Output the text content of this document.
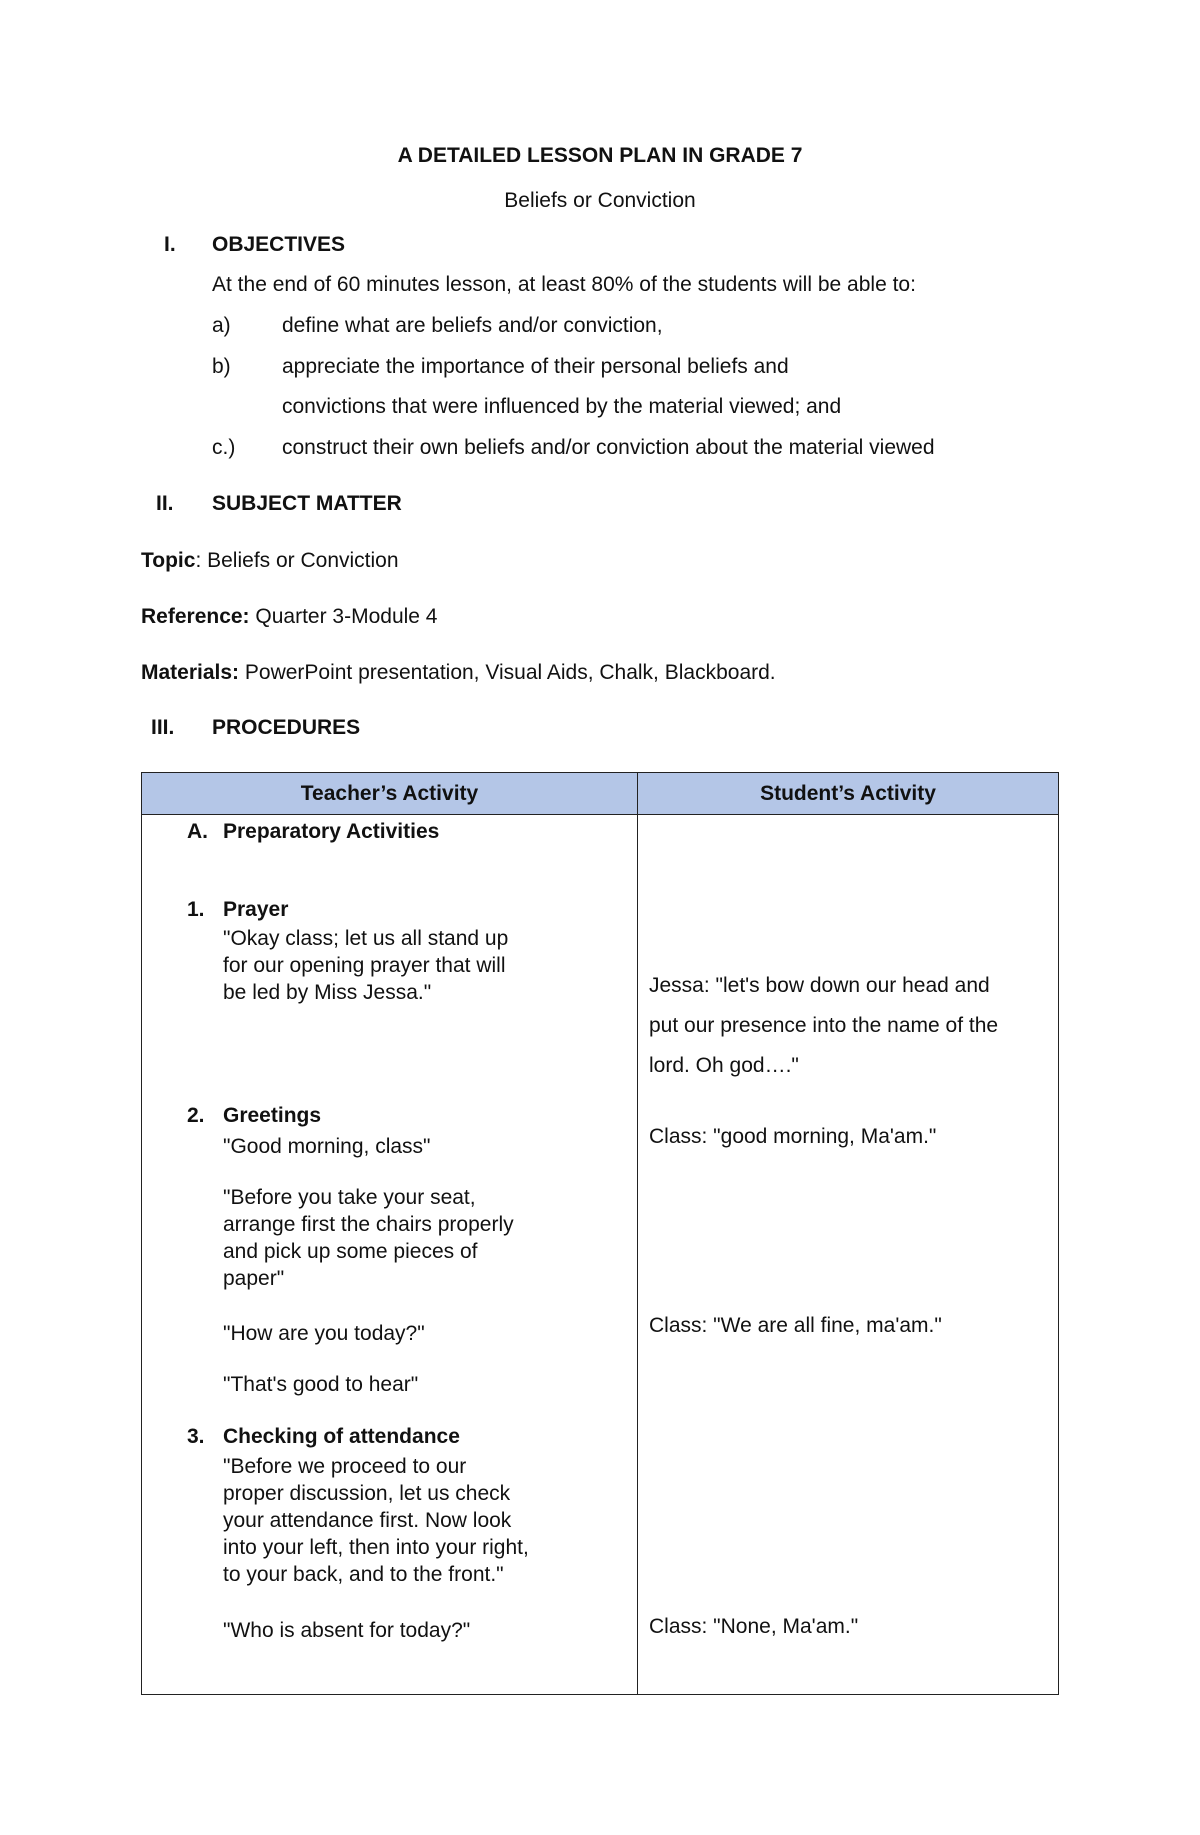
A DETAILED LESSON PLAN IN GRADE 7
Beliefs or Conviction
I. OBJECTIVES
At the end of 60 minutes lesson, at least 80% of the students will be able to:
a) define what are beliefs and/or conviction,
b) appreciate the importance of their personal beliefs and
convictions that were influenced by the material viewed; and
c.) construct their own beliefs and/or conviction about the material viewed
II. SUBJECT MATTER
Topic: Beliefs or Conviction
Reference: Quarter 3-Module 4
Materials: PowerPoint presentation, Visual Aids, Chalk, Blackboard.
III. PROCEDURES
Teacher’s Activity	Student’s Activity
A. Preparatory Activities
1. Prayer
"Okay class; let us all stand up
for our opening prayer that will
be led by Miss Jessa."
2. Greetings
"Good morning, class"
"Before you take your seat,
arrange first the chairs properly
and pick up some pieces of
paper"
"How are you today?"
"That's good to hear"
3. Checking of attendance
"Before we proceed to our
proper discussion, let us check
your attendance first. Now look
into your left, then into your right,
to your back, and to the front."
"Who is absent for today?"
Jessa: "let's bow down our head and
put our presence into the name of the
lord. Oh god…."
Class: "good morning, Ma'am."
Class: "We are all fine, ma'am."
Class: "None, Ma'am."
